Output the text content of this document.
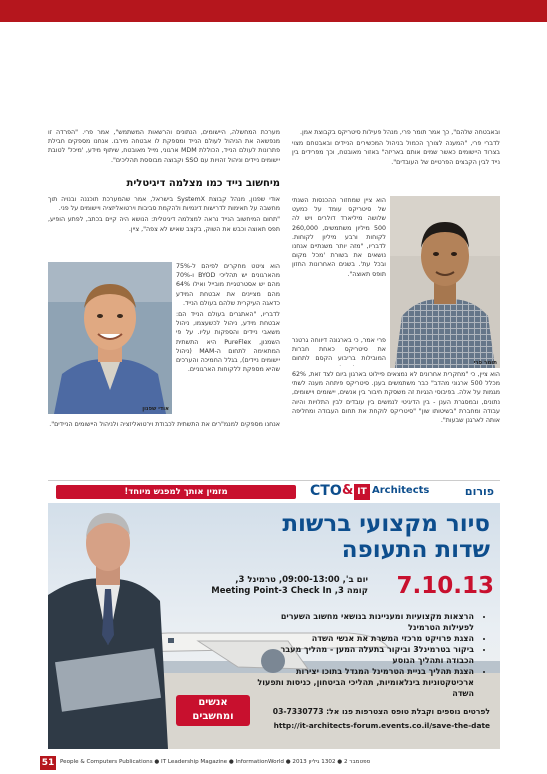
ובאבטחה שלהם", כך אמר תומר פרי, מנהל פעילות סיטריקס בקבוצת אמן.

לדברי פרי, "המענה לצורך הכמול בניהול המכשירים הניידים ובאבטחם מצוי בצרוד היישומים כאשר שמים אותם באריזה" באזור מאובטח, וכך מפרידים בין נייד לבין הקבצים הפרטיים של העובדים".

תומר פרי

הוא ציין שמחזור ההכנסות השנתי של סיטריקס עומד על כמעט שלושה מיליארד דולרים ויש לה 500 מיליון משתמשים, 260,000 לקוחות ורבע מיליון לקוחות. לדבריו, "מזה יותר משנתיים אנחנו נושאים את בשורת 'מכל מקום ובכל עת'. בשנים האחרונות החזון תופס תאוצה".

פרי אמר, כי בארגונה דיווחה גרטנר את סיטריקס כאחת חברות המובילות בריבוע הקסם לתחום

הוא ציין, כי "מחקרית אחרונים לא נמצאים פיילוט בארגון ביום לצד זאת, 62% מכלל 500 ארגוני מהדב" כבר משתמשים בענן. סיטריקס פיתחה מענה לשתי מגמות על אלה. בפיבוסי הנגיות זה משסקת חיבור בין אנשים, יישומים ויישומים, נתונים, ובמסגרת הענן - בין הדיגיטי לנמשים בין עובדים לבין התלויות והיוה עבודה ומחברת "בשיטותו שון" "סיטריקס לוקחת את תחום העבודה ומחליפה אותה לארגנן שבעות".

מערכת המחשלה, היישומים, הנתונים והרשאות המשתמש", אמר פרי. "הפרדה זו מנפשאה את הניהול לעולם הנייד ומספקת לו אבטחה מירבו. אנחנו מספקים חבילת פתרונות לעולם הנייד, הכוללת MDM ארגוני, מייל מאובטח, שיתוף מידע, 'מיכל' לטובת יישומים ניידים וניהול זהויות עם SSO וקבוצה מבוססת תהליכים".

מיחשוב נייד כמו מצלמה דיגיטלית

אודי שפנון, מנהל קבוצת SystemX בישראל, אמר שהמערכת תוכננה ובנויה תוך מחשבה על תאימות לדרישות דינמיות ולהקמת סביבות וירטואליזציה ויישומים על פני.

"תחום המיחשוב הנייד נראה למצלמה דיגיטלית: הנושא היה קיים בכתב, לפתע הופיע, תפס תאוצה וכבש את השוק, בקצב שאיש לא צפה", ציין.

אודי שפנון

הוא ציטט מחקרים לפיהם ל-75% מהארגונים יש תהליכי BYOD ו-70% מהם יש אסטרטגיית מובייל ואילו 64% מהם מציינים את אבטחת המידע כדאגה העיקרית שלהם בעולם הנייד.

לדבריו, "האתגרים בעולם הנייד הם: אבטחת מידע, ניהול לכשעצמו, ניהול משאבי ניידים והספקות עליו. על פי השמנון, PureFlex היא התשתית המתאימה לתחום ה-MAM (ניהול יישומים ניידים), בגלל החמיכה והערכים שהיא מספקת ללקוחות הארגוניים.

אנחנו מספקים למנמ"רים את התשתית לכבודת וירטואליזציה ולניהול היישומים הניידים".

מזמין אותך למפגש מיוחד!	פורום
CTO & IT Architects
סיור מקצועי ברשות
שדות התעופה
7.10.13
יום ב', 09:00-13:00, טרמינל 3,
קומה 3, Meeting Point-3 Check In
• הרצאות מקצועיות ומעניינות בנושאי מחשוב השערים לפעילות הטרמינל
• הצגת פרויקט מרכזי המשרת את אנשי השדה
• ביקור בטרמינל3 וביקור בתעלה המען - מהליך מעבר הכבודה ותהליך הנוסע
• הצגת תהליך בניית הטרמינל המגדל בתוכו יצירות ארכיטקטוניות בינלאומיות, תהליכי הביטחון, כניסות ותפעול השדה
אנשים
ומחשבים	לפרטים נוספים וקבלת טופס הצטרפות פנו אל: 03-7330773
http://it-architects-forum.events.co.il/save-the-date
51	People & Computers Publications ● IT Leadership Magazine ● InformationWorld ● 2013 ספטמבר 2 ● 1302 גיליון
